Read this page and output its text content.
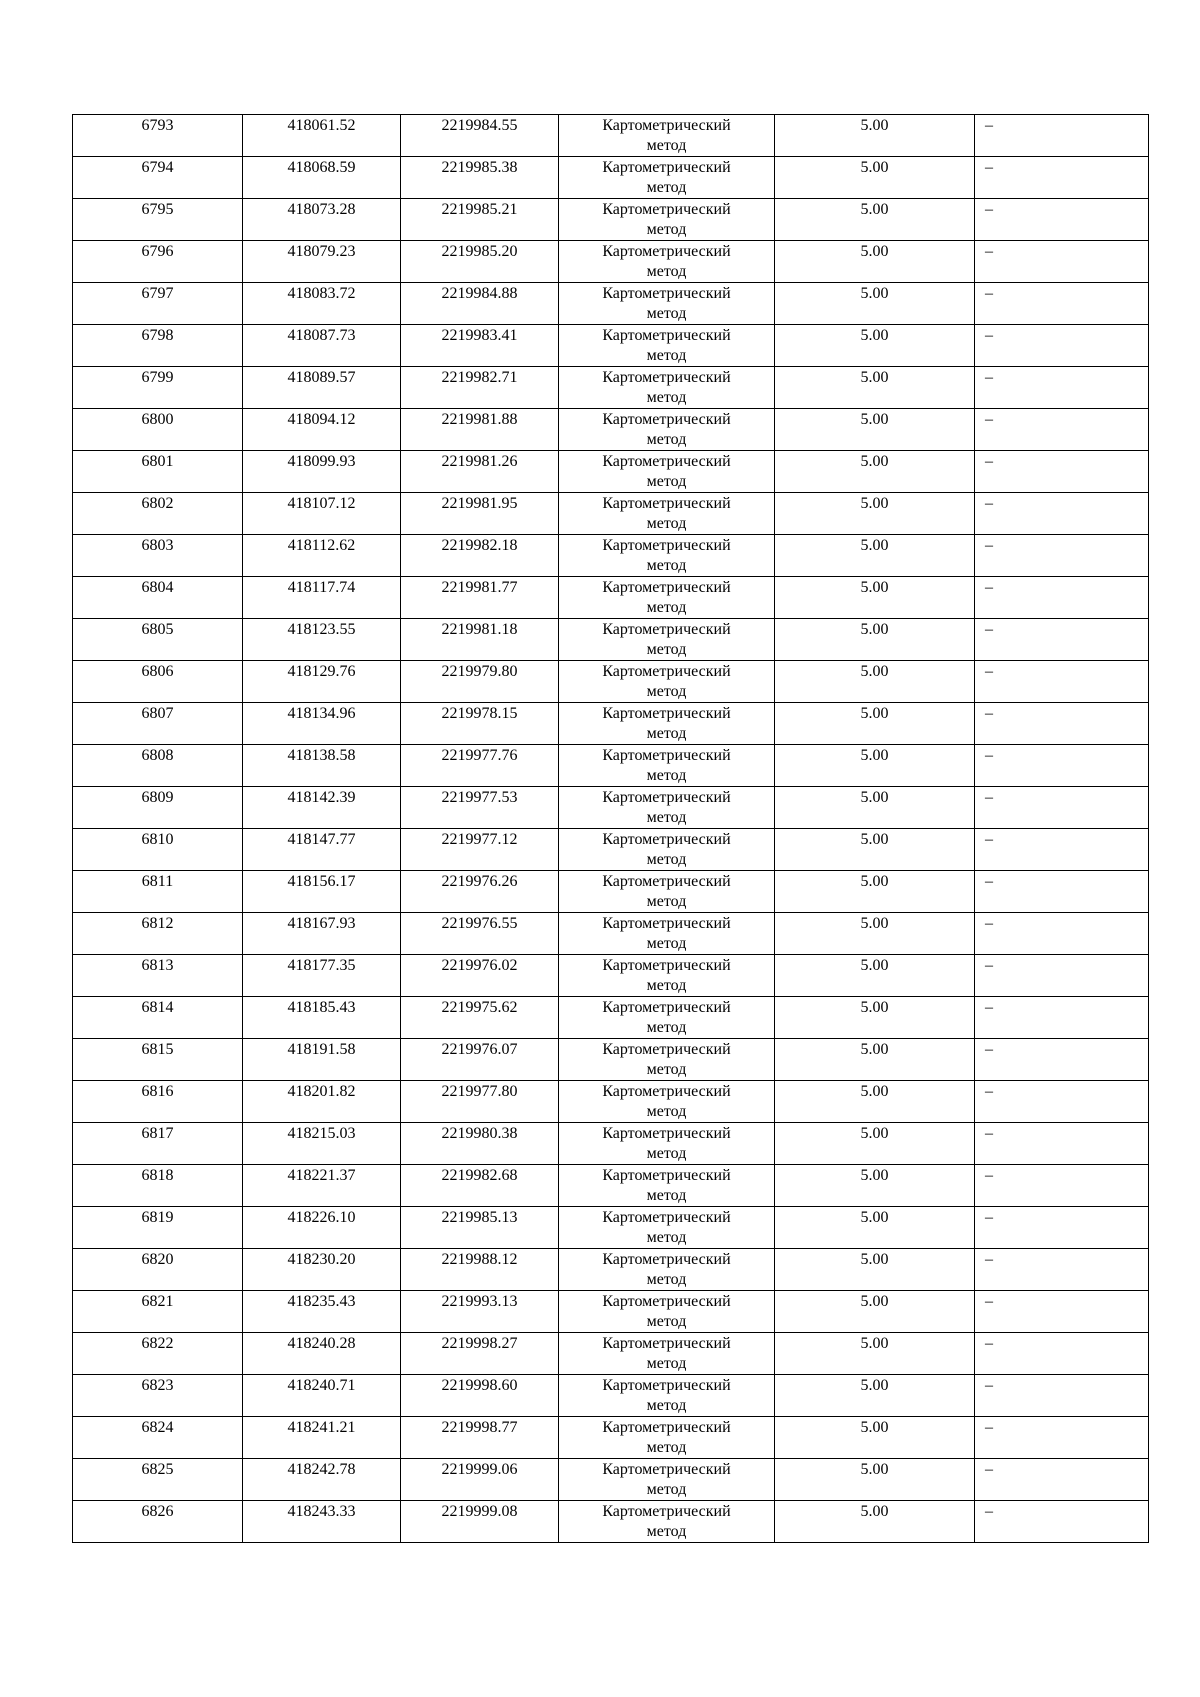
6793	418061.52	2219984.55	Картометрический
метод	5.00	–
6794	418068.59	2219985.38	Картометрический
метод	5.00	–
6795	418073.28	2219985.21	Картометрический
метод	5.00	–
6796	418079.23	2219985.20	Картометрический
метод	5.00	–
6797	418083.72	2219984.88	Картометрический
метод	5.00	–
6798	418087.73	2219983.41	Картометрический
метод	5.00	–
6799	418089.57	2219982.71	Картометрический
метод	5.00	–
6800	418094.12	2219981.88	Картометрический
метод	5.00	–
6801	418099.93	2219981.26	Картометрический
метод	5.00	–
6802	418107.12	2219981.95	Картометрический
метод	5.00	–
6803	418112.62	2219982.18	Картометрический
метод	5.00	–
6804	418117.74	2219981.77	Картометрический
метод	5.00	–
6805	418123.55	2219981.18	Картометрический
метод	5.00	–
6806	418129.76	2219979.80	Картометрический
метод	5.00	–
6807	418134.96	2219978.15	Картометрический
метод	5.00	–
6808	418138.58	2219977.76	Картометрический
метод	5.00	–
6809	418142.39	2219977.53	Картометрический
метод	5.00	–
6810	418147.77	2219977.12	Картометрический
метод	5.00	–
6811	418156.17	2219976.26	Картометрический
метод	5.00	–
6812	418167.93	2219976.55	Картометрический
метод	5.00	–
6813	418177.35	2219976.02	Картометрический
метод	5.00	–
6814	418185.43	2219975.62	Картометрический
метод	5.00	–
6815	418191.58	2219976.07	Картометрический
метод	5.00	–
6816	418201.82	2219977.80	Картометрический
метод	5.00	–
6817	418215.03	2219980.38	Картометрический
метод	5.00	–
6818	418221.37	2219982.68	Картометрический
метод	5.00	–
6819	418226.10	2219985.13	Картометрический
метод	5.00	–
6820	418230.20	2219988.12	Картометрический
метод	5.00	–
6821	418235.43	2219993.13	Картометрический
метод	5.00	–
6822	418240.28	2219998.27	Картометрический
метод	5.00	–
6823	418240.71	2219998.60	Картометрический
метод	5.00	–
6824	418241.21	2219998.77	Картометрический
метод	5.00	–
6825	418242.78	2219999.06	Картометрический
метод	5.00	–
6826	418243.33	2219999.08	Картометрический
метод	5.00	–
